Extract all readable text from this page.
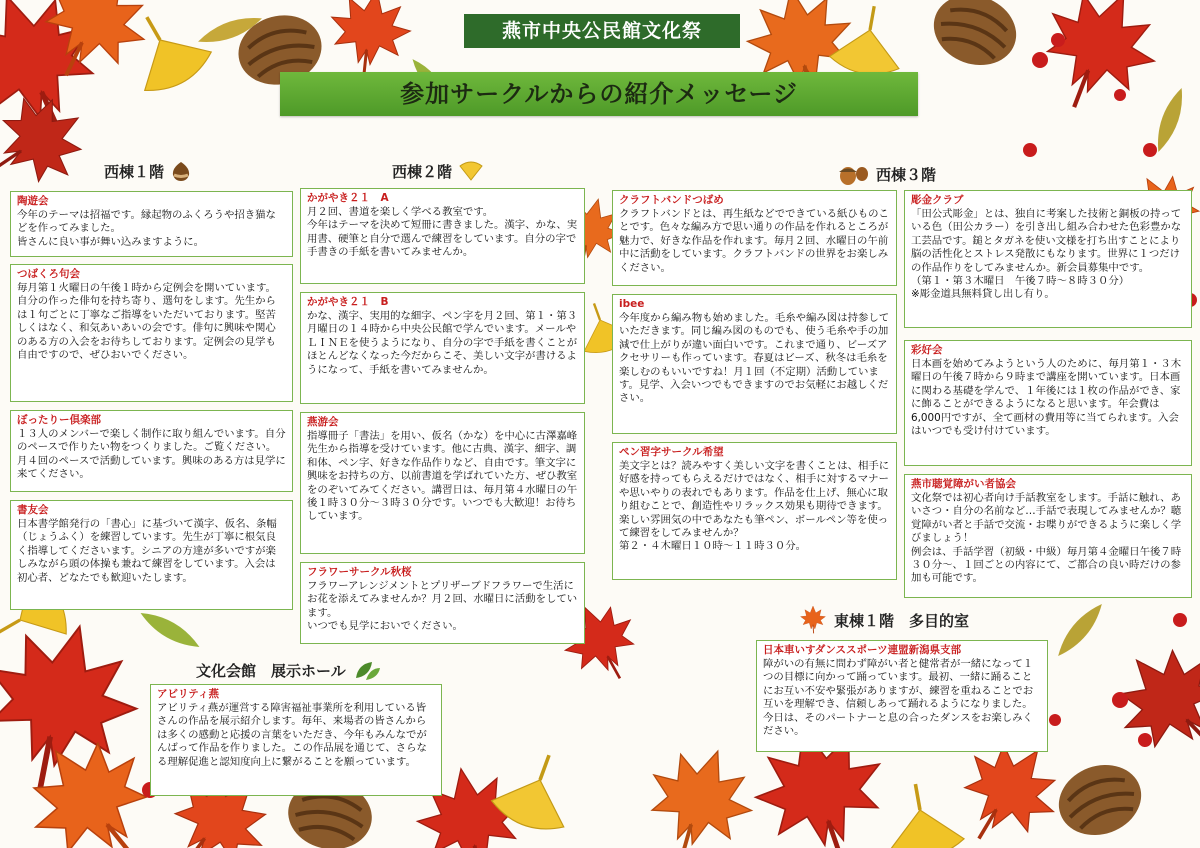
燕市中央公民館文化祭
参加サークルからの紹介メッセージ
西棟１階	西棟２階	西棟３階
東棟１階　多目的室
文化会館　展示ホール
陶遊会

今年のテーマは招福です。縁起物のふくろうや招き猫などを作ってみました。
皆さんに良い事が舞い込みますように。

つばくろ句会

毎月第１火曜日の午後１時から定例会を開いています。
自分の作った俳句を持ち寄り、選句をします。先生からは１句ごとに丁寧なご指導をいただいております。堅苦しくはなく、和気あいあいの会です。俳句に興味や関心のある方の入会をお待ちしております。定例会の見学も自由ですので、ぜひおいでください。

ぼったりー倶楽部

１３人のメンバーで楽しく制作に取り組んでいます。自分のペースで作りたい物をつくりました。ご覧ください。月４回のペースで活動しています。興味のある方は見学に来てください。

書友会

日本書学館発行の「書心」に基づいて漢字、仮名、条幅（じょうふく）を練習しています。先生が丁寧に根気良く指導してくださいます。シニアの方達が多いですが楽しみながら頭の体操も兼ねて練習をしています。入会は初心者、どなたでも歓迎いたします。

かがやき２１　A

月２回、書道を楽しく学べる教室です。
今年はテーマを決めて短冊に書きました。漢字、かな、実用書、硬筆と自分で選んで練習をしています。自分の字で手書きの手紙を書いてみませんか。

かがやき２１　B

かな、漢字、実用的な細字、ペン字を月２回、第１・第３月曜日の１４時から中央公民館で学んでいます。メールやＬＩＮＥを使うようになり、自分の字で手紙を書くことがほとんどなくなった今だからこそ、美しい文字が書けるようになって、手紙を書いてみませんか。

燕游会

指導冊子「書法」を用い、仮名（かな）を中心に古澤嘉峰先生から指導を受けています。他に古典、漢字、細字、調和体、ペン字、好きな作品作りなど、自由です。筆文字に興味をお持ちの方、以前書道を学ばれていた方、ぜひ教室をのぞいてみてください。講習日は、毎月第４水曜日の午後１時３０分～３時３０分です。いつでも大歓迎！お待ちしています。

フラワーサークル秋桜

フラワーアレンジメントとプリザーブドフラワーで生活にお花を添えてみませんか？月２回、水曜日に活動をしています。
いつでも見学においでください。

クラフトバンドつばめ

クラフトバンドとは、再生紙などでできている紙ひものことです。色々な編み方で思い通りの作品を作れるところが魅力で、好きな作品を作れます。毎月２回、水曜日の午前中に活動をしています。クラフトバンドの世界をお楽しみください。

ibee

今年度から編み物も始めました。毛糸や編み図は持参していただきます。同じ編み図のものでも、使う毛糸や手の加減で仕上がりが違い面白いです。これまで通り、ビーズアクセサリーも作っています。春夏はビーズ、秋冬は毛糸を楽しむのもいいですね！月１回（不定期）活動しています。見学、入会いつでもできますのでお気軽にお越しください。

ペン習字サークル希望

美文字とは？読みやすく美しい文字を書くことは、相手に好感を持ってもらえるだけではなく、相手に対するマナーや思いやりの表れでもあります。作品を仕上げ、無心に取り組むことで、創造性やリラックス効果も期待できます。楽しい雰囲気の中であなたも筆ペン、ボールペン等を使って練習をしてみませんか？
第２・４木曜日１０時～１１時３０分。

彫金クラブ

「田公式彫金」とは、独自に考案した技術と銅板の持っている色（田公カラー）を引き出し組み合わせた色彩豊かな工芸品です。鎚とタガネを使い文様を打ち出すことにより脳の活性化とストレス発散にもなります。世界に１つだけの作品作りをしてみませんか。新会員募集中です。
（第１・第３木曜日　午後７時～８時３０分）
※彫金道具無料貸し出し有り。

彩好会

日本画を始めてみようという人のために、毎月第１・３木曜日の午後７時から９時まで講座を開いています。日本画に関わる基礎を学んで、１年後には１枚の作品ができ、家に飾ることができるようになると思います。年会費は6,000円ですが、全て画材の費用等に当てられます。入会はいつでも受け付けています。

燕市聴覚障がい者協会

文化祭では初心者向け手話教室をします。手話に触れ、あいさつ・自分の名前など…手話で表現してみませんか？聴覚障がい者と手話で交流・お喋りができるように楽しく学びましょう！
例会は、手話学習（初級・中級）毎月第４金曜日午後７時３０分～、１回ごとの内容にて、ご都合の良い時だけの参加も可能です。

日本車いすダンススポーツ連盟新潟県支部

障がいの有無に問わず障がい者と健常者が一緒になって１つの目標に向かって踊っています。最初、一緒に踊ることにお互い不安や緊張がありますが、練習を重ねることでお互いを理解でき、信頼しあって踊れるようになりました。今日は、そのパートナーと息の合ったダンスをお楽しみください。

アビリティ燕

アビリティ燕が運営する障害福祉事業所を利用している皆さんの作品を展示紹介します。毎年、来場者の皆さんからは多くの感動と応援の言葉をいただき、今年もみんなでがんばって作品を作りました。この作品展を通じて、さらなる理解促進と認知度向上に繋がることを願っています。
